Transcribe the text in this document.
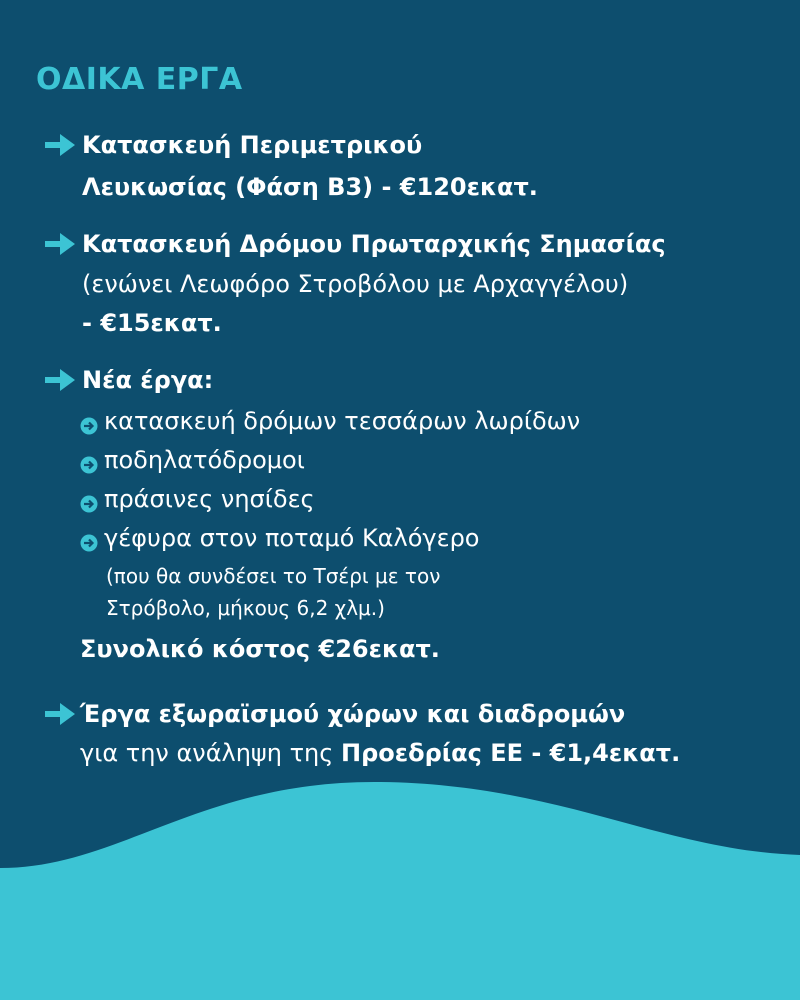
ΟΔΙΚΑ ΕΡΓΑ
Κατασκευή Περιμετρικού
Λευκωσίας (Φάση Β3) - €120εκατ.
Κατασκευή Δρόμου Πρωταρχικής Σημασίας
(ενώνει Λεωφόρο Στροβόλου με Αρχαγγέλου)
- €15εκατ.
Νέα έργα:
κατασκευή δρόμων τεσσάρων λωρίδων
ποδηλατόδρομοι
πράσινες νησίδες
γέφυρα στον ποταμό Καλόγερο
(που θα συνδέσει το Τσέρι με τον
Στρόβολο, μήκους 6,2 χλμ.)
Συνολικό κόστος €26εκατ.
Έργα εξωραϊσμού χώρων και διαδρομών
για την ανάληψη της Προεδρίας ΕΕ - €1,4εκατ.
